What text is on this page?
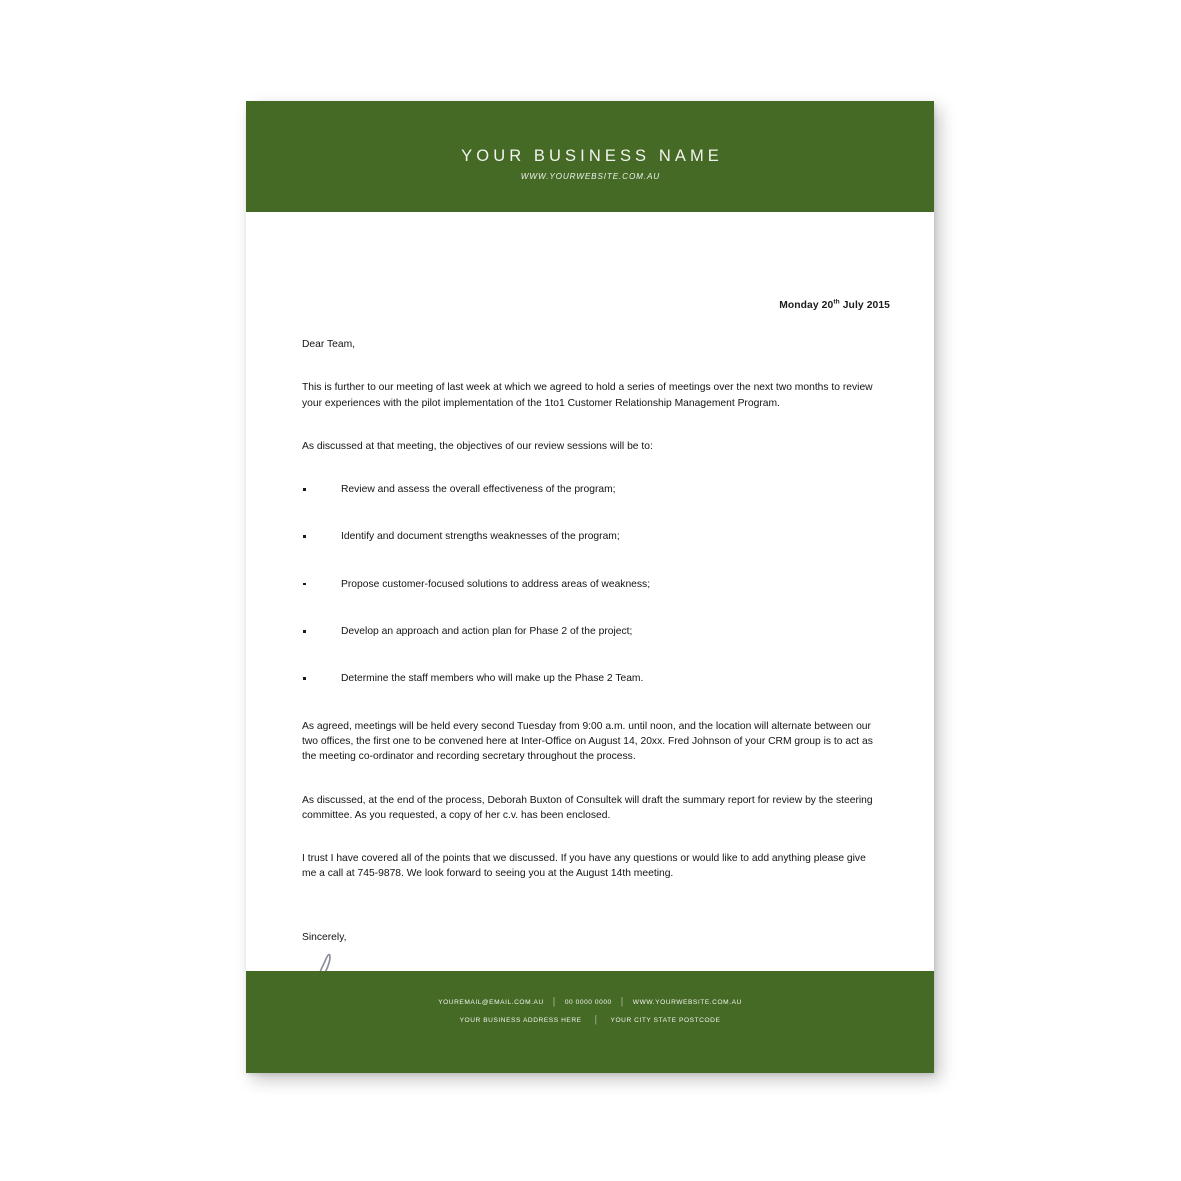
YOUR BUSINESS NAME
WWW.YOURWEBSITE.COM.AU
Monday 20th July 2015

Dear Team,

This is further to our meeting of last week at which we agreed to hold a series of meetings over the next two months to review your experiences with the pilot implementation of the 1to1 Customer Relationship Management Program.

As discussed at that meeting, the objectives of our review sessions will be to:

Review and assess the overall effectiveness of the program;
Identify and document strengths weaknesses of the program;
Propose customer-focused solutions to address areas of weakness;
Develop an approach and action plan for Phase 2 of the project;
Determine the staff members who will make up the Phase 2 Team.

As agreed, meetings will be held every second Tuesday from 9:00 a.m. until noon, and the location will alternate between our two offices, the first one to be convened here at Inter-Office on August 14, 20xx. Fred Johnson of your CRM group is to act as the meeting co-ordinator and recording secretary throughout the process.

As discussed, at the end of the process, Deborah Buxton of Consultek will draft the summary report for review by the steering committee. As you requested, a copy of her c.v. has been enclosed.

I trust I have covered all of the points that we discussed. If you have any questions or would like to add anything please give me a call at 745-9878. We look forward to seeing you at the August 14th meeting.

Sincerely,

YOUREMAIL@EMAIL.COM.AU | 00 0000 0000 | WWW.YOURWEBSITE.COM.AU
YOUR BUSINESS ADDRESS HERE | YOUR CITY STATE POSTCODE
